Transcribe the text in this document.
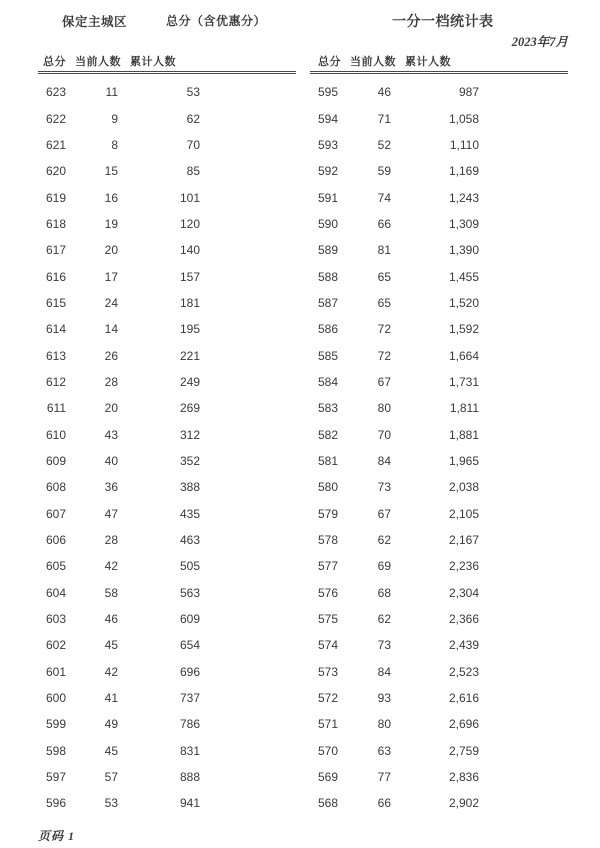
保定主城区	总分（含优惠分）	一分一档统计表
2023年7月
总分 当前人数 累计人数
623	11	53
622	9	62
621	8	70
620	15	85
619	16	101
618	19	120
617	20	140
616	17	157
615	24	181
614	14	195
613	26	221
612	28	249
611	20	269
610	43	312
609	40	352
608	36	388
607	47	435
606	28	463
605	42	505
604	58	563
603	46	609
602	45	654
601	42	696
600	41	737
599	49	786
598	45	831
597	57	888
596	53	941
总分 当前人数 累计人数
595	46	987
594	71	1,058
593	52	1,110
592	59	1,169
591	74	1,243
590	66	1,309
589	81	1,390
588	65	1,455
587	65	1,520
586	72	1,592
585	72	1,664
584	67	1,731
583	80	1,811
582	70	1,881
581	84	1,965
580	73	2,038
579	67	2,105
578	62	2,167
577	69	2,236
576	68	2,304
575	62	2,366
574	73	2,439
573	84	2,523
572	93	2,616
571	80	2,696
570	63	2,759
569	77	2,836
568	66	2,902
页码 1
